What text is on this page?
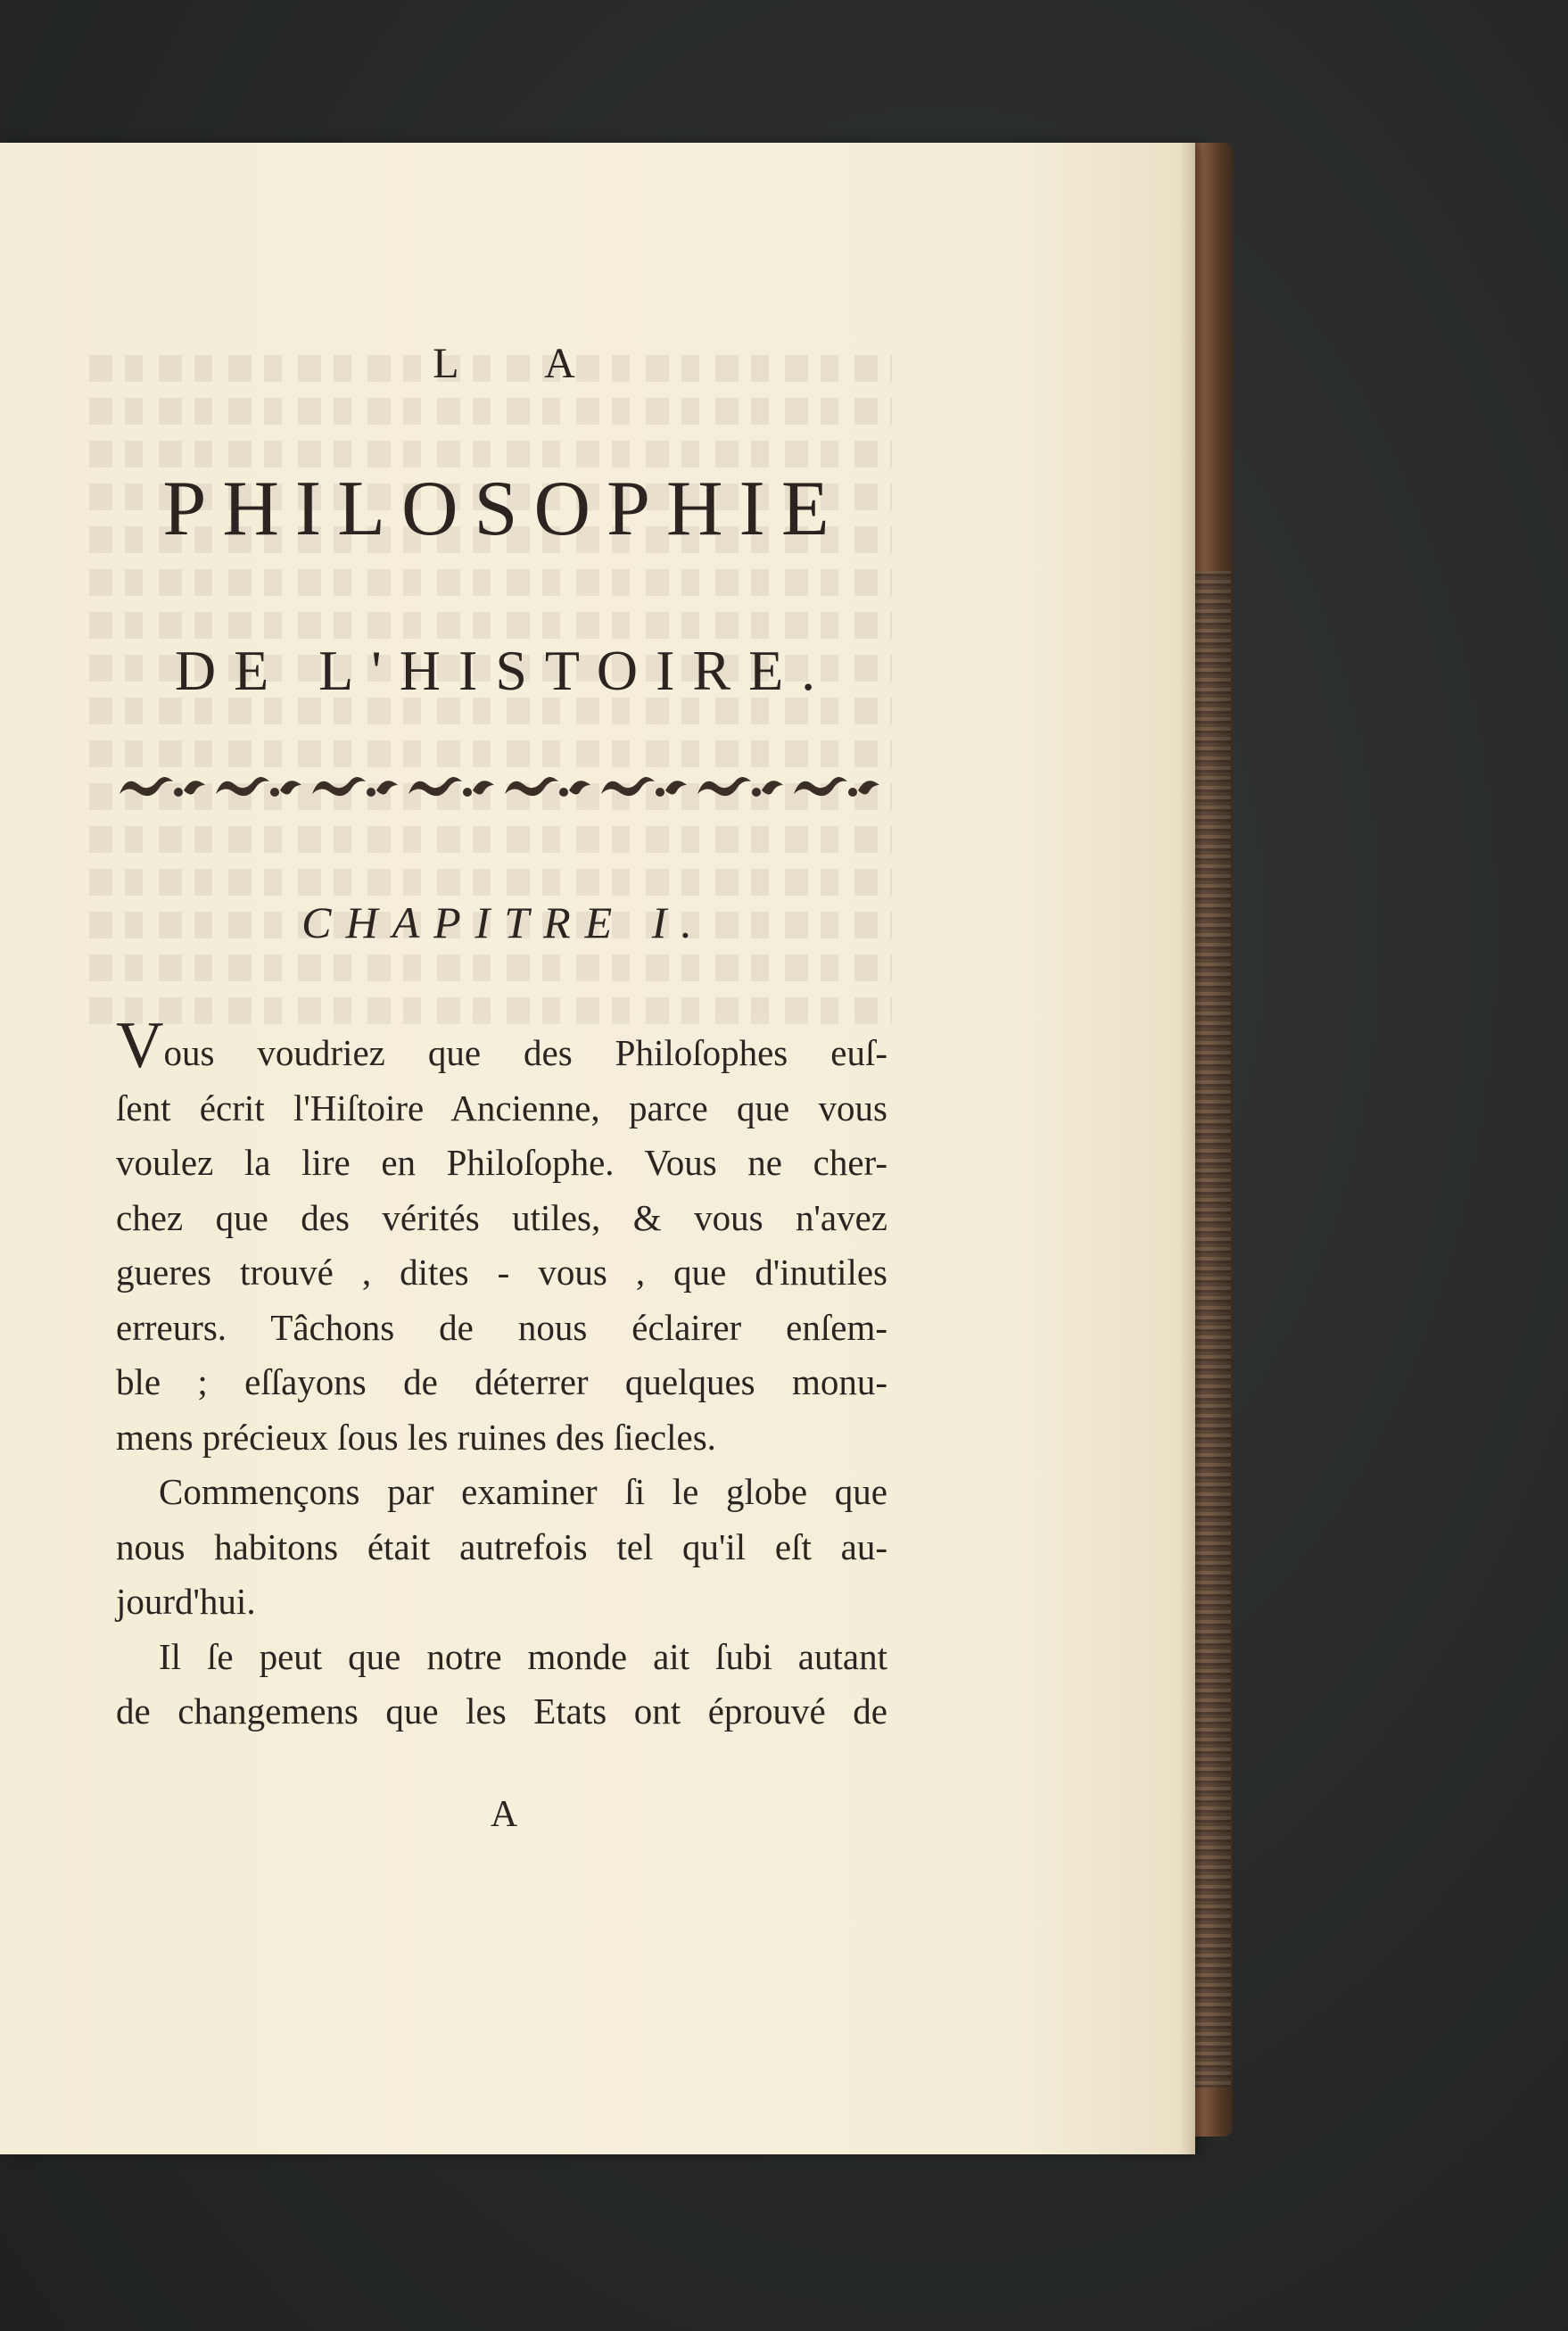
L A
PHILOSOPHIE
DE L'HISTOIRE.
CHAPITRE I.
Vous voudriez que des Philoſophes euſ-
ſent écrit l'Hiſtoire Ancienne, parce que vous
voulez la lire en Philoſophe. Vous ne cher-
chez que des vérités utiles, & vous n'avez
gueres trouvé , dites - vous , que d'inutiles
erreurs. Tâchons de nous éclairer enſem-
ble ; eſſayons de déterrer quelques monu-
mens précieux ſous les ruines des ſiecles.
Commençons par examiner ſi le globe que
nous habitons était autrefois tel qu'il eſt au-
jourd'hui.
Il ſe peut que notre monde ait ſubi autant
de changemens que les Etats ont éprouvé de
A
